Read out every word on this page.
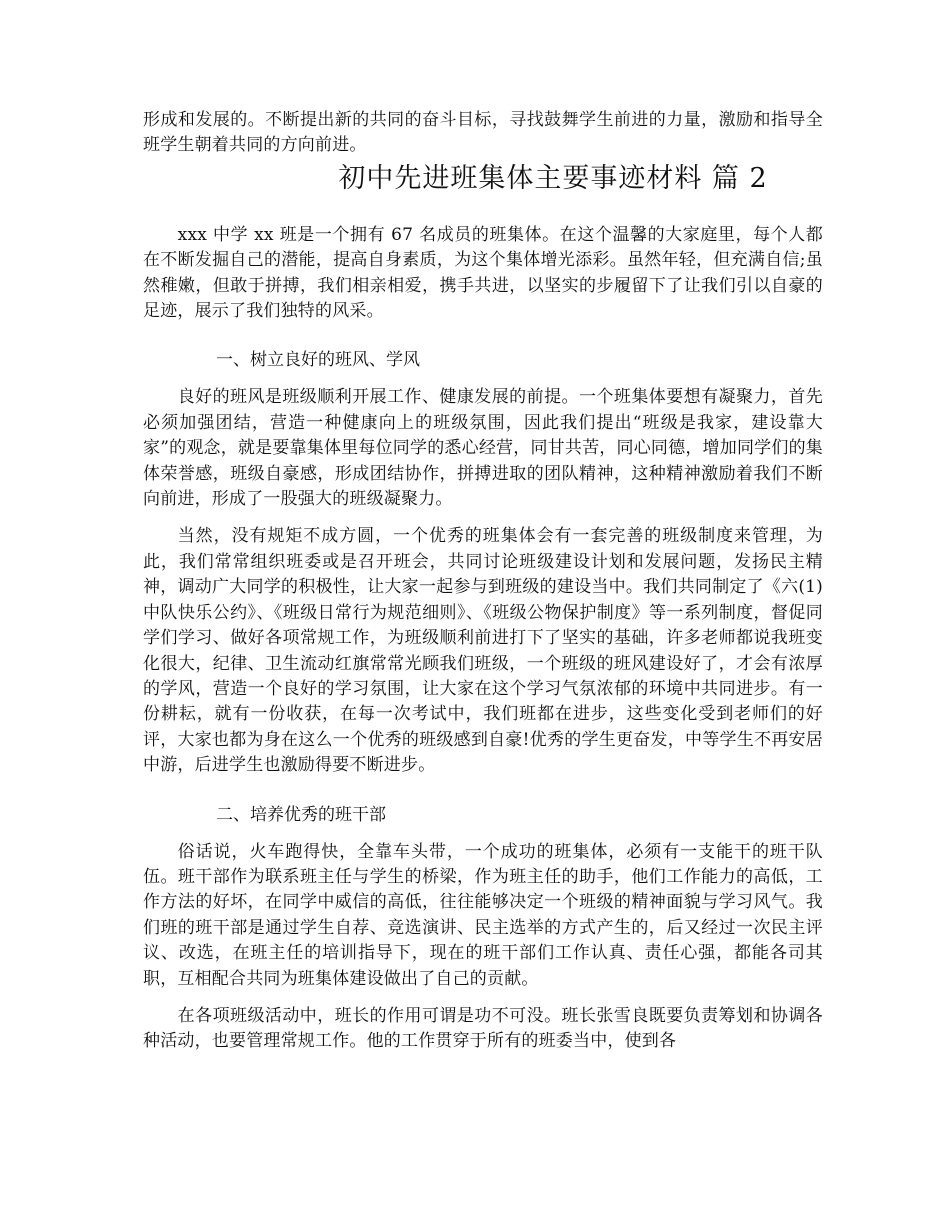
形成和发展的。不断提出新的共同的奋斗目标，寻找鼓舞学生前进的力量，激励和指导全班学生朝着共同的方向前进。

初中先进班集体主要事迹材料 篇 2

xxx 中学 xx 班是一个拥有 67 名成员的班集体。在这个温馨的大家庭里，每个人都在不断发掘自己的潜能，提高自身素质，为这个集体增光添彩。虽然年轻，但充满自信;虽然稚嫩，但敢于拼搏，我们相亲相爱，携手共进，以坚实的步履留下了让我们引以自豪的足迹，展示了我们独特的风采。

一、树立良好的班风、学风

良好的班风是班级顺利开展工作、健康发展的前提。一个班集体要想有凝聚力，首先必须加强团结，营造一种健康向上的班级氛围，因此我们提出“班级是我家，建设靠大家”的观念，就是要靠集体里每位同学的悉心经营，同甘共苦，同心同德，增加同学们的集体荣誉感，班级自豪感，形成团结协作，拼搏进取的团队精神，这种精神激励着我们不断向前进，形成了一股强大的班级凝聚力。

当然，没有规矩不成方圆，一个优秀的班集体会有一套完善的班级制度来管理，为此，我们常常组织班委或是召开班会，共同讨论班级建设计划和发展问题，发扬民主精神，调动广大同学的积极性，让大家一起参与到班级的建设当中。我们共同制定了《六(1)中队快乐公约》、《班级日常行为规范细则》、《班级公物保护制度》等一系列制度，督促同学们学习、做好各项常规工作，为班级顺利前进打下了坚实的基础，许多老师都说我班变化很大，纪律、卫生流动红旗常常光顾我们班级，一个班级的班风建设好了，才会有浓厚的学风，营造一个良好的学习氛围，让大家在这个学习气氛浓郁的环境中共同进步。有一份耕耘，就有一份收获，在每一次考试中，我们班都在进步，这些变化受到老师们的好评，大家也都为身在这么一个优秀的班级感到自豪!优秀的学生更奋发，中等学生不再安居中游，后进学生也激励得要不断进步。

二、培养优秀的班干部

俗话说，火车跑得快，全靠车头带，一个成功的班集体，必须有一支能干的班干队伍。班干部作为联系班主任与学生的桥梁，作为班主任的助手，他们工作能力的高低，工作方法的好坏，在同学中威信的高低，往往能够决定一个班级的精神面貌与学习风气。我们班的班干部是通过学生自荐、竞选演讲、民主选举的方式产生的，后又经过一次民主评议、改选，在班主任的培训指导下，现在的班干部们工作认真、责任心强，都能各司其职，互相配合共同为班集体建设做出了自己的贡献。

在各项班级活动中，班长的作用可谓是功不可没。班长张雪良既要负责筹划和协调各种活动，也要管理常规工作。他的工作贯穿于所有的班委当中，使到各
